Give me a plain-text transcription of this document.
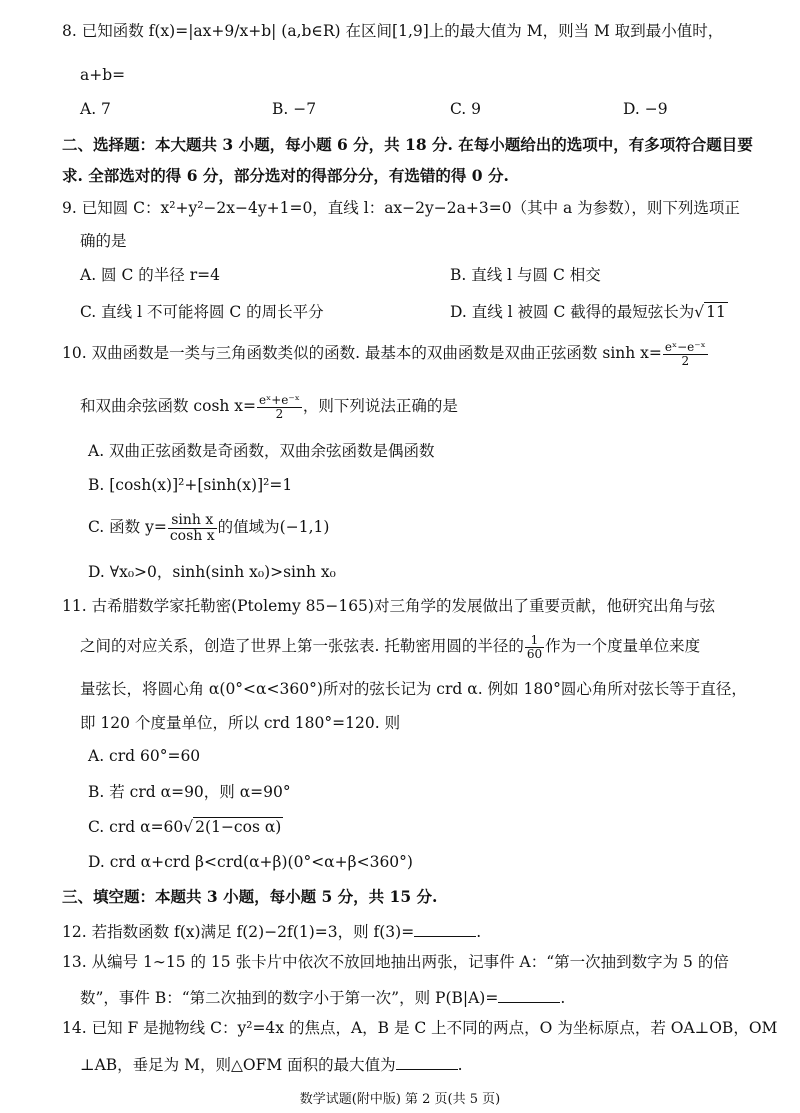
8. 已知函数 f(x)=|ax+9/x+b| (a,b∈R) 在区间[1,9]上的最大值为 M，则当 M 取到最小值时，
a+b=
A. 7	B. −7	C. 9	D. −9
二、选择题：本大题共 3 小题，每小题 6 分，共 18 分. 在每小题给出的选项中，有多项符合题目要
求. 全部选对的得 6 分，部分选对的得部分分，有选错的得 0 分.
9. 已知圆 C：x²+y²−2x−4y+1=0，直线 l：ax−2y−2a+3=0（其中 a 为参数），则下列选项正
确的是
A. 圆 C 的半径 r=4	B. 直线 l 与圆 C 相交
C. 直线 l 不可能将圆 C 的周长平分	D. 直线 l 被圆 C 截得的最短弦长为√ 11
10. 双曲函数是一类与三角函数类似的函数. 最基本的双曲函数是双曲正弦函数 $\sinh x= \frac{\text{eˣ−e⁻ˣ}}{2}$
和双曲余弦函数 $\cosh x= \frac{\text{eˣ+e⁻ˣ}}{2}$ ，则下列说法正确的是
A. 双曲正弦函数是奇函数，双曲余弦函数是偶函数
B. [cosh(x)]²+[sinh(x)]²=1
C. 函数 $y= \frac{\text{sinh x}}{\text{cosh x}}$ 的值域为(−1,1)
D. ∀x₀>0，sinh(sinh x₀)>sinh x₀
11. 古希腊数学家托勒密(Ptolemy 85−165)对三角学的发展做出了重要贡献，他研究出角与弦
之间的对应关系，创造了世界上第一张弦表. 托勒密用圆的半径的 $\frac{1}{60}$ 作为一个度量单位来度
量弦长，将圆心角 α(0°<α<360°)所对的弦长记为 crd α. 例如 180°圆心角所对弦长等于直径，
即 120 个度量单位，所以 crd 180°=120. 则
A. crd 60°=60
B. 若 crd α=90，则 α=90°
C. crd α=60√ 2(1−cos α)
D. crd α+crd β<crd(α+β)(0°<α+β<360°)
三、填空题：本题共 3 小题，每小题 5 分，共 15 分.
12. 若指数函数 f(x)满足 f(2)−2f(1)=3，则 f(3)=	.
13. 从编号 1∼15 的 15 张卡片中依次不放回地抽出两张，记事件 A：“第一次抽到数字为 5 的倍
数”，事件 B：“第二次抽到的数字小于第一次”，则 P(B|A)=	.
14. 已知 F 是抛物线 C：y²=4x 的焦点，A，B 是 C 上不同的两点，O 为坐标原点，若 OA⊥OB，OM
⊥AB，垂足为 M，则△OFM 面积的最大值为	.
数学试题(附中版) 第 2 页(共 5 页)
